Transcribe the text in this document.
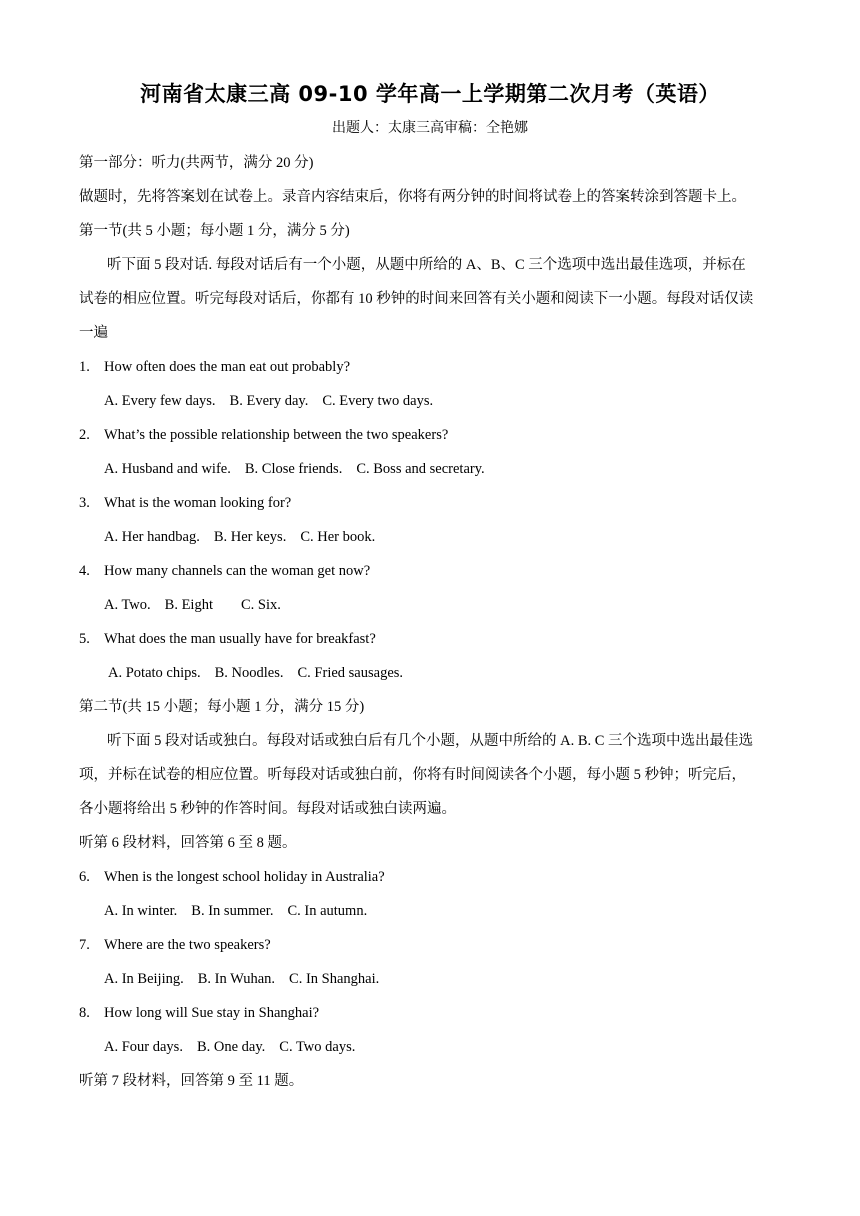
河南省太康三高 09-10 学年高一上学期第二次月考（英语）
出题人：太康三高审稿：仝艳娜
第一部分：听力(共两节，满分 20 分)
做题时，先将答案划在试卷上。录音内容结束后，你将有两分钟的时间将试卷上的答案转涂到答题卡上。
第一节(共 5 小题；每小题 1 分，满分 5 分)
听下面 5 段对话. 每段对话后有一个小题，从题中所给的 A、B、C 三个选项中选出最佳选项，并标在
试卷的相应位置。听完每段对话后，你都有 10 秒钟的时间来回答有关小题和阅读下一小题。每段对话仅读
一遍
1. How often does the man eat out probably?
A. Every few days. B. Every day. C. Every two days.
2. What’s the possible relationship between the two speakers?
A. Husband and wife. B. Close friends. C. Boss and secretary.
3. What is the woman looking for?
A. Her handbag. B. Her keys. C. Her book.
4. How many channels can the woman get now?
A. Two. B. Eight C. Six.
5. What does the man usually have for breakfast?
A. Potato chips. B. Noodles. C. Fried sausages.
第二节(共 15 小题；每小题 1 分，满分 15 分)
听下面 5 段对话或独白。每段对话或独白后有几个小题，从题中所给的 A. B. C 三个选项中选出最佳选
项，并标在试卷的相应位置。听每段对话或独白前，你将有时间阅读各个小题，每小题 5 秒钟；听完后，
各小题将给出 5 秒钟的作答时间。每段对话或独白读两遍。
听第 6 段材料，回答第 6 至 8 题。
6. When is the longest school holiday in Australia?
A. In winter. B. In summer. C. In autumn.
7. Where are the two speakers?
A. In Beijing. B. In Wuhan. C. In Shanghai.
8. How long will Sue stay in Shanghai?
A. Four days. B. One day. C. Two days.
听第 7 段材料，回答第 9 至 11 题。
